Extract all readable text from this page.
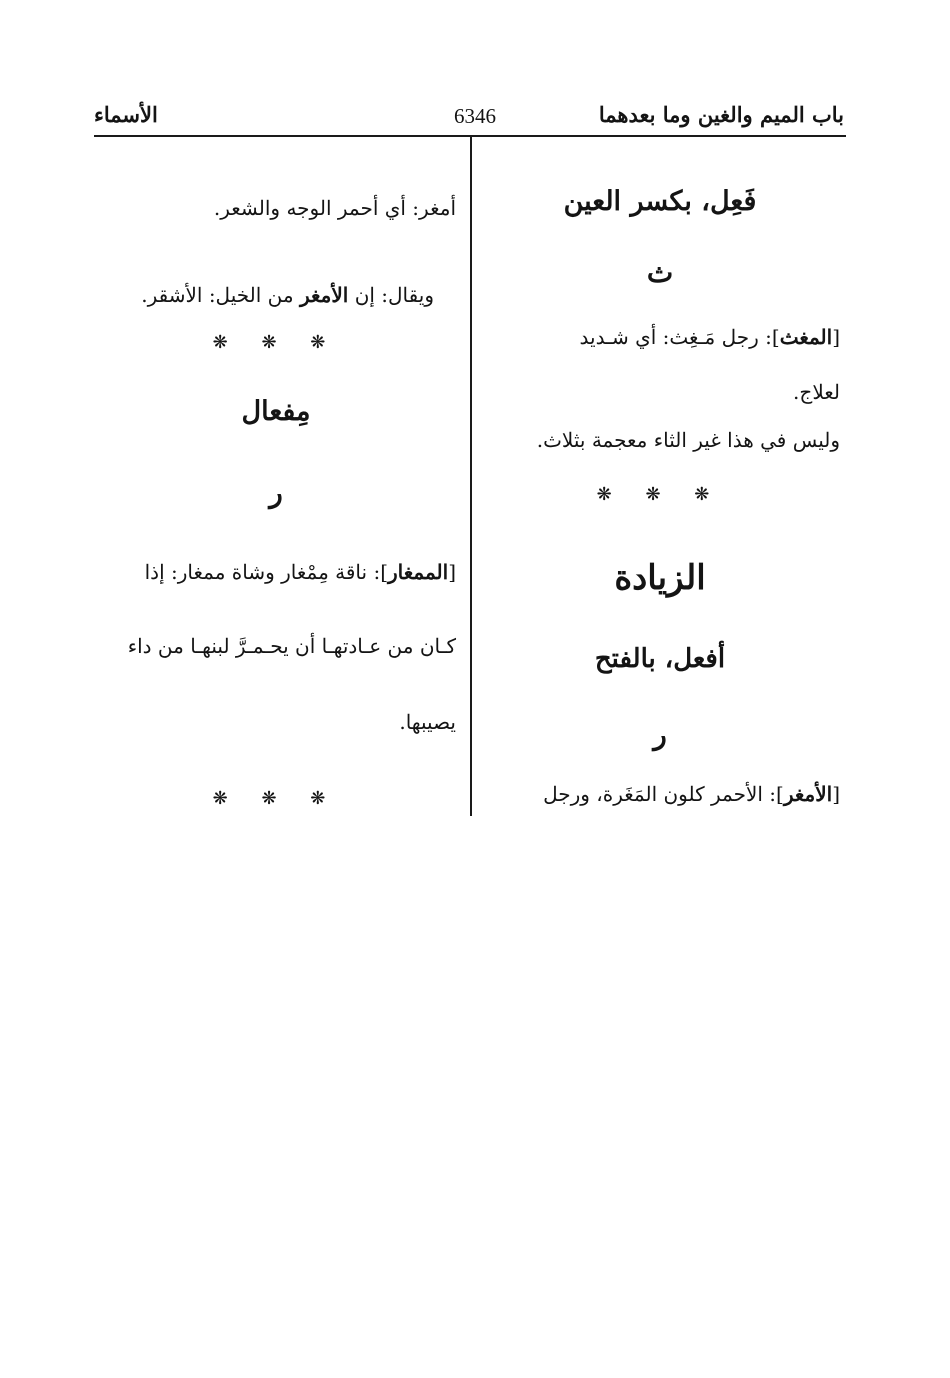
باب الميم والغين وما بعدهما
6346
الأسماء
فَعِل، بكسر العين
ث
[المغث]: رجل مَـغِث: أي شـديد
لعلاج.
وليس في هذا غير الثاء معجمة بثلاث.
❋ ❋ ❋
الزيادة
أفعل، بالفتح
ر
[الأمغر]: الأحمر كلون المَغَرة، ورجل
أمغر: أي أحمر الوجه والشعر.
ويقال: إن الأمغر من الخيل: الأشقر.
❋ ❋ ❋
مِفعال
ر
[الممغار]: ناقة مِمْغار وشاة ممغار: إذا
كـان من عـادتهـا أن يحـمـرَّ لبنهـا من داء
يصيبها.
❋ ❋ ❋
